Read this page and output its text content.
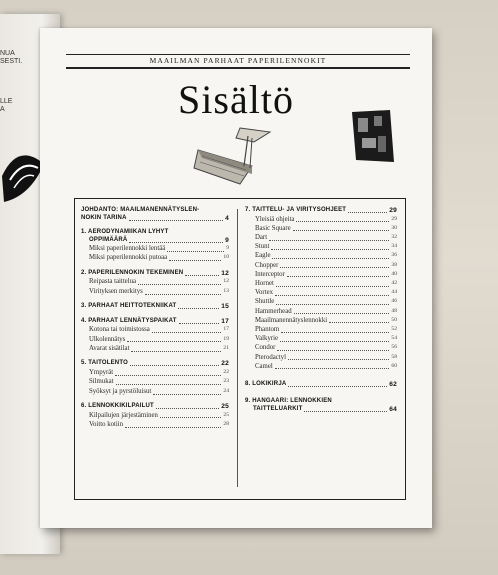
NUA
SESTI.
LLE
A
MAAILMAN PARHAAT PAPERILENNOKIT
Sisältö
JOHDANTO: MAAILMANENNÄTYSLEN-
NOKIN TARINA	4
1. AERODYNAMIIKAN LYHYT
OPPIMÄÄRÄ	9
Miksi paperilennokki lentää	9
Miksi paperilennokki putoaa	10
2. PAPERILENNOKIN TEKEMINEN	12
Reipasta taittelua	12
Virityksen merkitys	13
3. PARHAAT HEITTOTEKNIIKAT	15
4. PARHAAT LENNÄTYSPAIKAT	17
Kotona tai toimistossa	17
Ulkolennätys	19
Avarat sisätilat	21
5. TAITOLENTO	22
Ympyrät	22
Silmukat	23
Syöksyt ja pyrstöluisut	24
6. LENNOKKIKILPAILUT	25
Kilpailujen järjestäminen	25
Voitto kotiin	28
7. TAITTELU- JA VIRITYSOHJEET	29
Yleisiä ohjeita	29
Basic Square	30
Dart	32
Stunt	34
Eagle	36
Chopper	38
Interceptor	40
Hornet	42
Vortex	44
Shuttle	46
Hammerhead	48
Maailmanennätyslennokki	50
Phantom	52
Valkyrie	54
Condor	56
Pterodactyl	58
Camel	60
8. LOKIKIRJA	62
9. HANGAARI: LENNOKKIEN
TAITTELUARKIT	64
